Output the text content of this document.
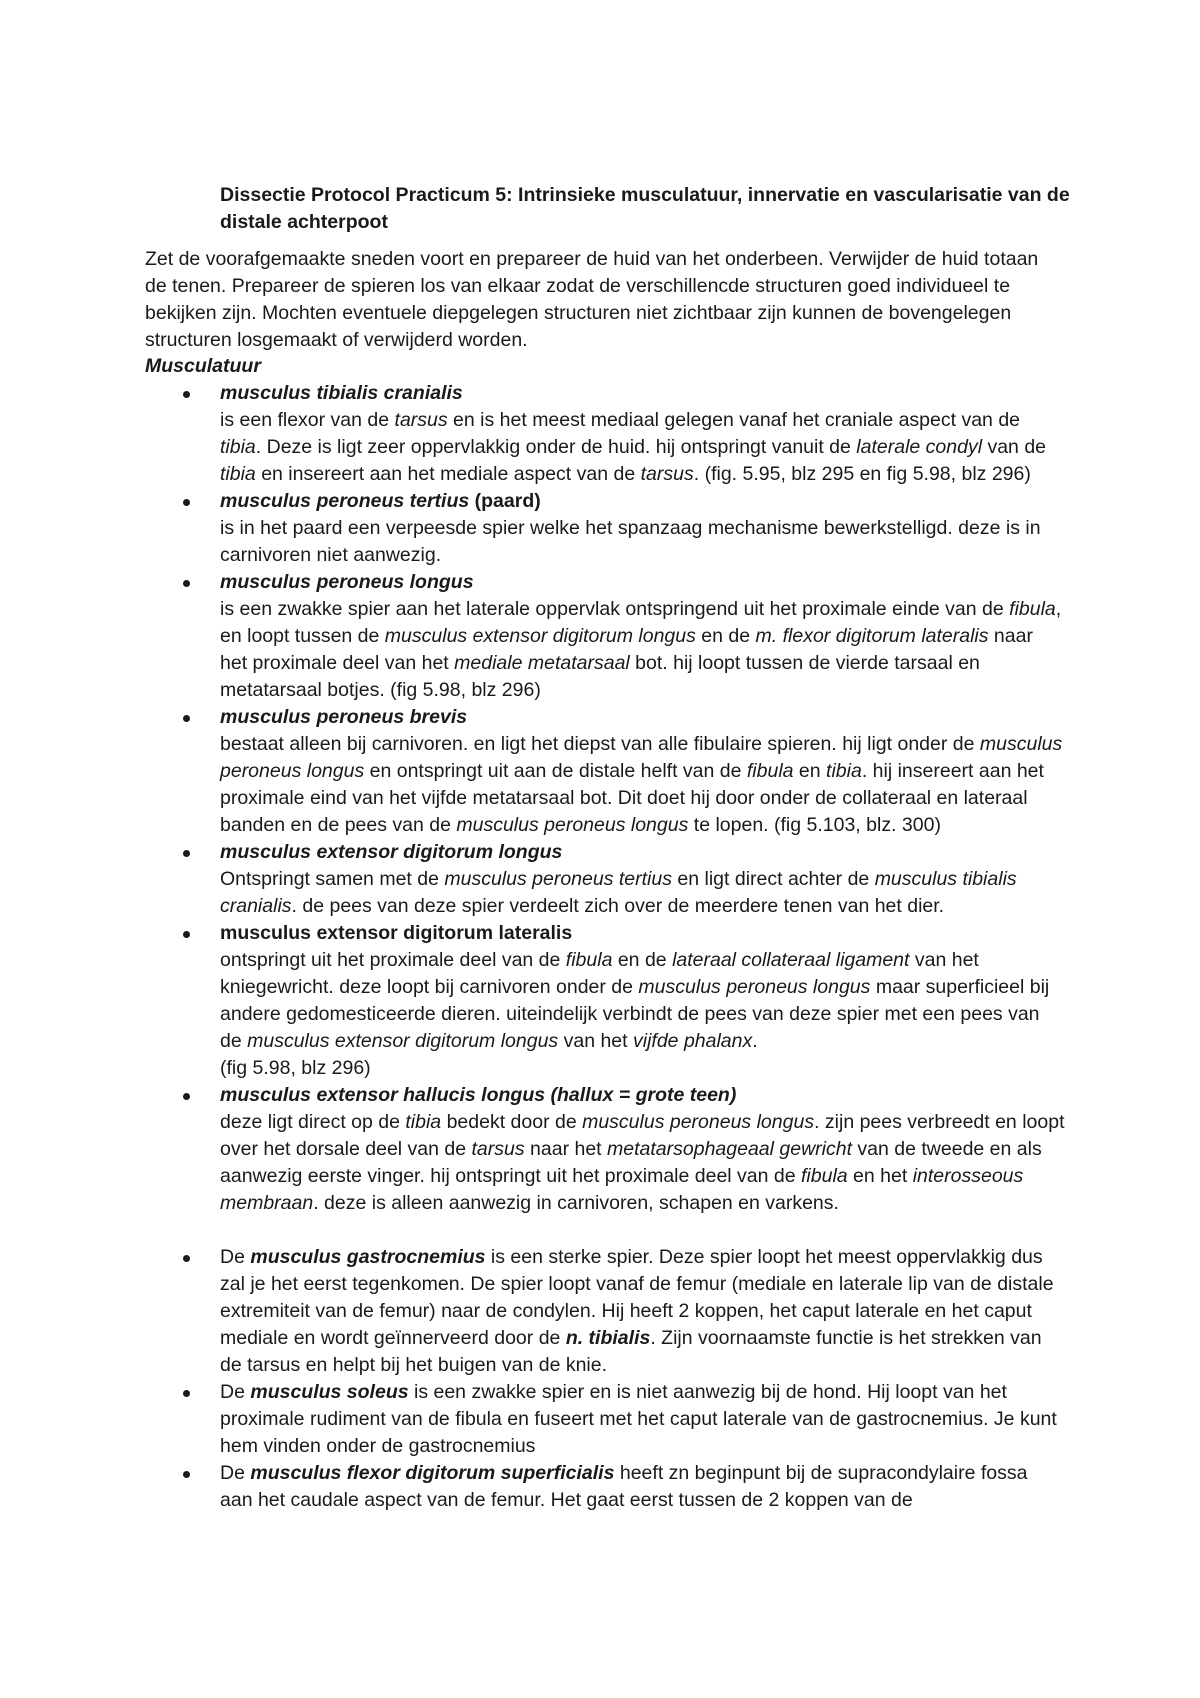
Dissectie Protocol Practicum 5: Intrinsieke musculatuur, innervatie en vascularisatie van de distale achterpoot

Zet de voorafgemaakte sneden voort en prepareer de huid van het onderbeen. Verwijder de huid totaan de tenen. Prepareer de spieren los van elkaar zodat de verschillencde structuren goed individueel te bekijken zijn. Mochten eventuele diepgelegen structuren niet zichtbaar zijn kunnen de bovengelegen structuren losgemaakt of verwijderd worden.

Musculatuur
musculus tibialis cranialis
is een flexor van de tarsus en is het meest mediaal gelegen vanaf het craniale aspect van de tibia. Deze is ligt zeer oppervlakkig onder de huid. hij ontspringt vanuit de laterale condyl van de tibia en insereert aan het mediale aspect van de tarsus. (fig. 5.95, blz 295 en fig 5.98, blz 296)
musculus peroneus tertius (paard)
is in het paard een verpeesde spier welke het spanzaag mechanisme bewerkstelligd. deze is in carnivoren niet aanwezig.
musculus peroneus longus
is een zwakke spier aan het laterale oppervlak ontspringend uit het proximale einde van de fibula, en loopt tussen de musculus extensor digitorum longus en de m. flexor digitorum lateralis naar het proximale deel van het mediale metatarsaal bot. hij loopt tussen de vierde tarsaal en metatarsaal botjes. (fig 5.98, blz 296)
musculus peroneus brevis
bestaat alleen bij carnivoren. en ligt het diepst van alle fibulaire spieren. hij ligt onder de musculus peroneus longus en ontspringt uit aan de distale helft van de fibula en tibia. hij insereert aan het proximale eind van het vijfde metatarsaal bot. Dit doet hij door onder de collateraal en lateraal banden en de pees van de musculus peroneus longus te lopen. (fig 5.103, blz. 300)
musculus extensor digitorum longus
Ontspringt samen met de musculus peroneus tertius en ligt direct achter de musculus tibialis cranialis. de pees van deze spier verdeelt zich over de meerdere tenen van het dier.
musculus extensor digitorum lateralis
ontspringt uit het proximale deel van de fibula en de lateraal collateraal ligament van het kniegewricht. deze loopt bij carnivoren onder de musculus peroneus longus maar superficieel bij andere gedomesticeerde dieren. uiteindelijk verbindt de pees van deze spier met een pees van de musculus extensor digitorum longus van het vijfde phalanx.
(fig 5.98, blz 296)
musculus extensor hallucis longus (hallux = grote teen)
deze ligt direct op de tibia bedekt door de musculus peroneus longus. zijn pees verbreedt en loopt over het dorsale deel van de tarsus naar het metatarsophageaal gewricht van de tweede en als aanwezig eerste vinger. hij ontspringt uit het proximale deel van de fibula en het interosseous membraan. deze is alleen aanwezig in carnivoren, schapen en varkens.
De musculus gastrocnemius is een sterke spier. Deze spier loopt het meest oppervlakkig dus zal je het eerst tegenkomen. De spier loopt vanaf de femur (mediale en laterale lip van de distale extremiteit van de femur) naar de condylen. Hij heeft 2 koppen, het caput laterale en het caput mediale en wordt geïnnerveerd door de n. tibialis. Zijn voornaamste functie is het strekken van de tarsus en helpt bij het buigen van de knie.
De musculus soleus is een zwakke spier en is niet aanwezig bij de hond. Hij loopt van het proximale rudiment van de fibula en fuseert met het caput laterale van de gastrocnemius. Je kunt hem vinden onder de gastrocnemius
De musculus flexor digitorum superficialis heeft zn beginpunt bij de supracondylaire fossa aan het caudale aspect van de femur. Het gaat eerst tussen de 2 koppen van de
